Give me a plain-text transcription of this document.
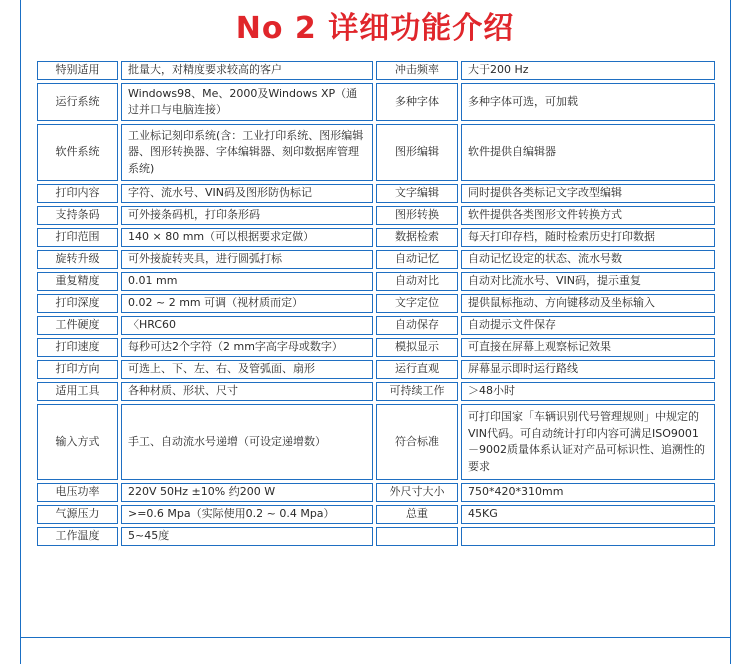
No 2 详细功能介绍
特别适用	批量大，对精度要求较高的客户	冲击频率	大于200 Hz
运行系统	Windows98、Me、2000及Windows XP（通过并口与电脑连接）	多种字体	多种字体可选，可加载
软件系统	工业标记刻印系统(含：工业打印系统、图形编辑器、图形转换器、字体编辑器、刻印数据库管理系统)	图形编辑	软件提供自编辑器
打印内容	字符、流水号、VIN码及图形防伪标记	文字编辑	同时提供各类标记文字改型编辑
支持条码	可外接条码机，打印条形码	图形转换	软件提供各类图形文件转换方式
打印范围	140 × 80 mm（可以根据要求定做）	数据检索	每天打印存档，随时检索历史打印数据
旋转升级	可外接旋转夹具，进行圆弧打标	自动记忆	自动记忆设定的状态、流水号数
重复精度	0.01 mm	自动对比	自动对比流水号、VIN码，提示重复
打印深度	0.02 ~ 2 mm 可调（视材质而定）	文字定位	提供鼠标拖动、方向键移动及坐标输入
工件硬度	〈HRC60	自动保存	自动提示文件保存
打印速度	每秒可达2个字符（2 mm字高字母或数字）	模拟显示	可直接在屏幕上观察标记效果
打印方向	可选上、下、左、右、及管弧面、扇形	运行直观	屏幕显示即时运行路线
适用工具	各种材质、形状、尺寸	可持续工作	＞48小时
输入方式	手工、自动流水号递增（可设定递增数）	符合标准	可打印国家「车辆识别代号管理规则」中规定的VIN代码。可自动统计打印内容可满足ISO9001－9002质量体系认证对产品可标识性、追溯性的要求
电压功率	220V 50Hz ±10% 约200 W	外尺寸大小	750*420*310mm
气源压力	>=0.6 Mpa（实际使用0.2 ~ 0.4 Mpa）	总重	45KG
工作温度	5~45度		
